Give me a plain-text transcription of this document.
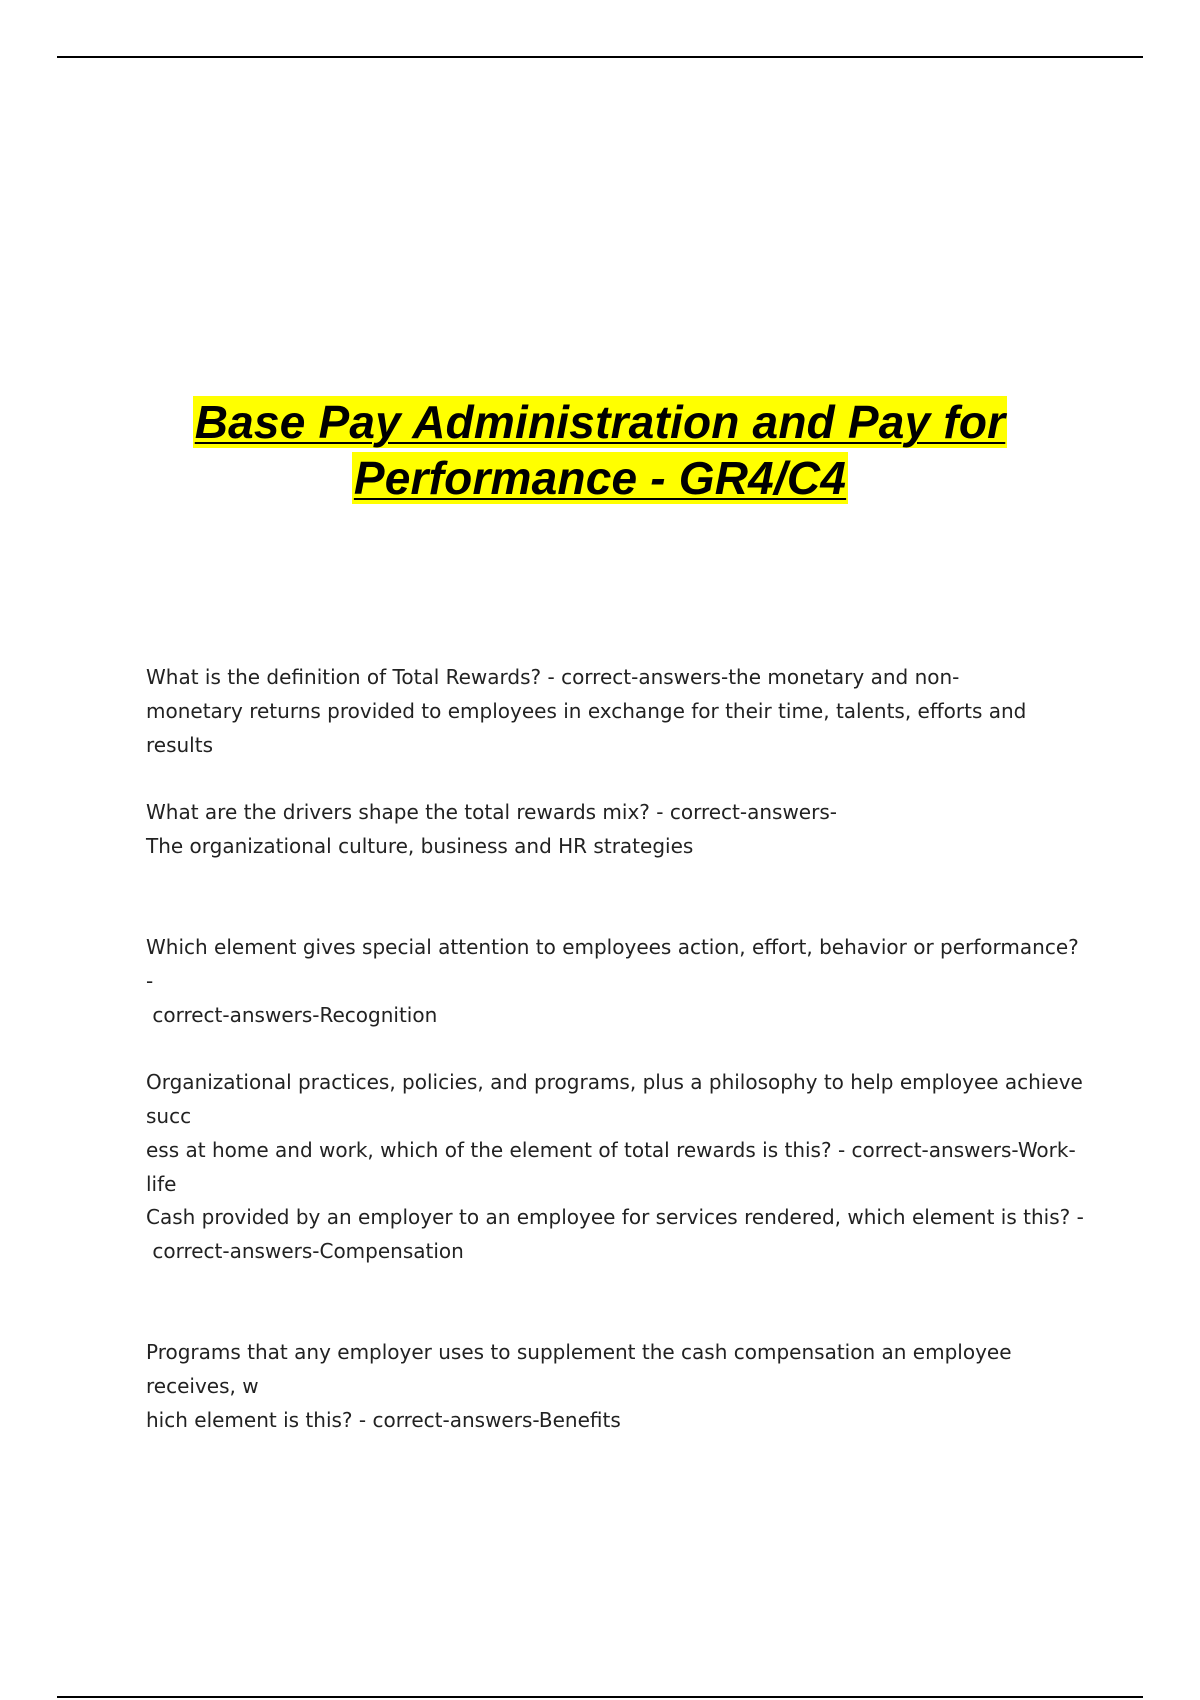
Base Pay Administration and Pay for
Performance - GR4/C4

What is the definition of Total Rewards? - correct-answers-the monetary and non-
monetary returns provided to employees in exchange for their time, talents, efforts and results

What are the drivers shape the total rewards mix? - correct-answers-
The organizational culture, business and HR strategies

Which element gives special attention to employees action, effort, behavior or performance? -
correct-answers-Recognition

Organizational practices, policies, and programs, plus a philosophy to help employee achieve succ
ess at home and work, which of the element of total rewards is this? - correct-answers-Work-life

Cash provided by an employer to an employee for services rendered, which element is this? -
correct-answers-Compensation

Programs that any employer uses to supplement the cash compensation an employee receives, w
hich element is this? - correct-answers-Benefits
